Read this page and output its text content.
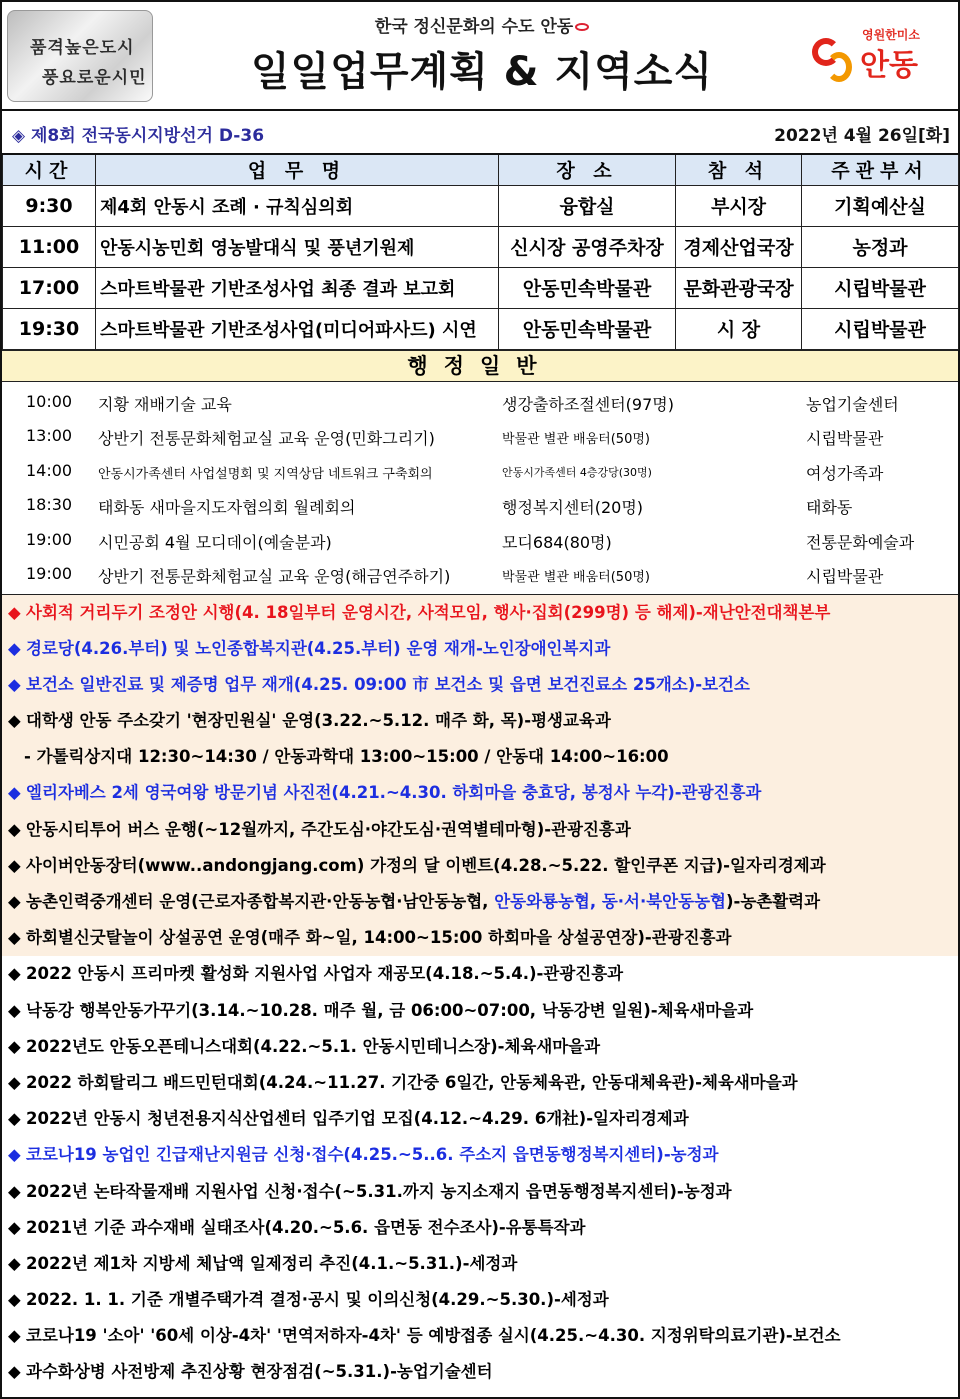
품격높은도시
풍요로운시민
한국 정신문화의 수도 안동
일일업무계획 & 지역소식
영원한미소
안동
◈ 제8회 전국동시지방선거 D-36	2022년 4월 26일[화]
시간	업 무 명	장 소	참 석	주관부서
9:30	제4회 안동시 조례 · 규칙심의회	융합실	부시장	기획예산실
11:00	안동시농민회 영농발대식 및 풍년기원제	신시장 공영주차장	경제산업국장	농정과
17:00	스마트박물관 기반조성사업 최종 결과 보고회	안동민속박물관	문화관광국장	시립박물관
19:30	스마트박물관 기반조성사업(미디어파사드) 시연	안동민속박물관	시 장	시립박물관
행정일반
10:00 지황 재배기술 교육	생강출하조절센터(97명)	농업기술센터
13:00 상반기 전통문화체험교실 교육 운영(민화그리기)	박물관 별관 배움터(50명)	시립박물관
14:00 안동시가족센터 사업설명회 및 지역상담 네트워크 구축회의	안동시가족센터 4층강당(30명)	여성가족과
18:30 태화동 새마을지도자협의회 월례회의	행정복지센터(20명)	태화동
19:00 시민공회 4월 모디데이(예술분과)	모디684(80명)	전통문화예술과
19:00 상반기 전통문화체험교실 교육 운영(해금연주하기)	박물관 별관 배움터(50명)	시립박물관
◆ 사회적 거리두기 조정안 시행(4. 18일부터 운영시간, 사적모임, 행사·집회(299명) 등 해제)-재난안전대책본부
◆ 경로당(4.26.부터) 및 노인종합복지관(4.25.부터) 운영 재개-노인장애인복지과
◆ 보건소 일반진료 및 제증명 업무 재개(4.25. 09:00 市 보건소 및 읍면 보건진료소 25개소)-보건소
◆ 대학생 안동 주소갖기 '현장민원실' 운영(3.22.~5.12. 매주 화, 목)-평생교육과
- 가톨릭상지대 12:30~14:30 / 안동과학대 13:00~15:00 / 안동대 14:00~16:00
◆ 엘리자베스 2세 영국여왕 방문기념 사진전(4.21.~4.30. 하회마을 충효당, 봉정사 누각)-관광진흥과
◆ 안동시티투어 버스 운행(~12월까지, 주간도심·야간도심·권역별테마형)-관광진흥과
◆ 사이버안동장터(www..andongjang.com) 가정의 달 이벤트(4.28.~5.22. 할인쿠폰 지급)-일자리경제과
◆ 농촌인력중개센터 운영(근로자종합복지관·안동농협·남안동농협, 안동와룡농협, 동·서·북안동농협)-농촌활력과
◆ 하회별신굿탈놀이 상설공연 운영(매주 화~일, 14:00~15:00 하회마을 상설공연장)-관광진흥과
◆ 2022 안동시 프리마켓 활성화 지원사업 사업자 재공모(4.18.~5.4.)-관광진흥과
◆ 낙동강 행복안동가꾸기(3.14.~10.28. 매주 월, 금 06:00~07:00, 낙동강변 일원)-체육새마을과
◆ 2022년도 안동오픈테니스대회(4.22.~5.1. 안동시민테니스장)-체육새마을과
◆ 2022 하회탈리그 배드민턴대회(4.24.~11.27. 기간중 6일간, 안동체육관, 안동대체육관)-체육새마을과
◆ 2022년 안동시 청년전용지식산업센터 입주기업 모집(4.12.~4.29. 6개社)-일자리경제과
◆ 코로나19 농업인 긴급재난지원금 신청·접수(4.25.~5..6. 주소지 읍면동행정복지센터)-농정과
◆ 2022년 논타작물재배 지원사업 신청·접수(~5.31.까지 농지소재지 읍면동행정복지센터)-농정과
◆ 2021년 기준 과수재배 실태조사(4.20.~5.6. 읍면동 전수조사)-유통특작과
◆ 2022년 제1차 지방세 체납액 일제정리 추진(4.1.~5.31.)-세정과
◆ 2022. 1. 1. 기준 개별주택가격 결정·공시 및 이의신청(4.29.~5.30.)-세정과
◆ 코로나19 '소아' '60세 이상-4차' '면역저하자-4차' 등 예방접종 실시(4.25.~4.30. 지정위탁의료기관)-보건소
◆ 과수화상병 사전방제 추진상황 현장점검(~5.31.)-농업기술센터
